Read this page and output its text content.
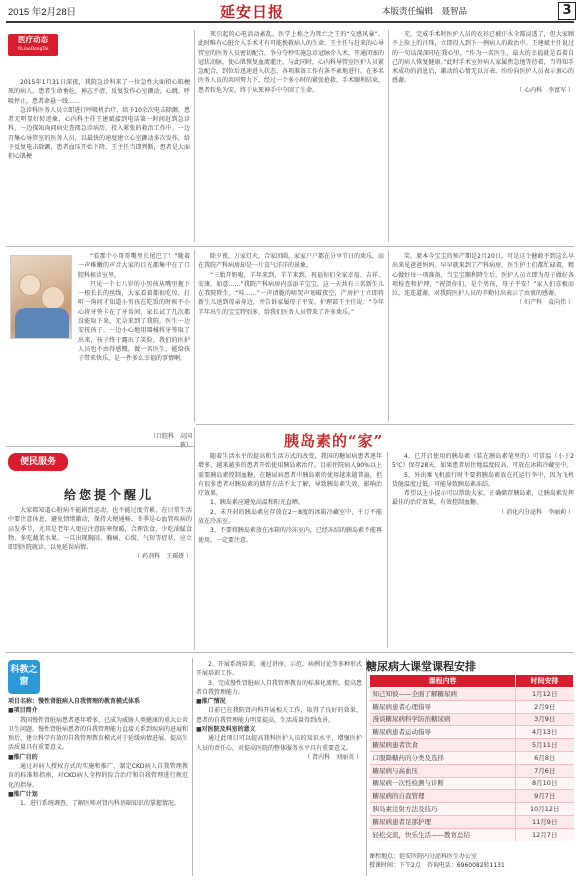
2015 年2月28日	延安日报	本版责任编辑　聂智品	3
医疗动态
YiLiaoDongTai

2015年1月31日深夜，我院急诊科来了一位急性大面积心肌梗死的病人。患者生命垂危，神志不清，反复发作心室颤动，心跳、呼吸停止，患者命悬一线……

急诊科医务人员立即进行呼吸机治疗，给予10余次电击除颤，患者无明显好转迹象，心内科主任王建斌接到电话第一时间赶到急诊科，一边探知询问病史查阅急诊病历，投入紧张的救治工作中。一边召集心导管室的医务人员，以最快的速度建立心室颤动多次发作，给予反复电击除颤，患者血压开始下降，王主任当即判断，患者是大面积心肌梗

死引起的心电活动紊乱，医学上称之为死亡之王的“交感风暴”。此时唯有心脏介入手术才有可能挽救病人的生命，王主任与赶来的心导管室的医务人员密切配合，争分夺秒实施急诊冠脉介入术，开通闭塞的冠状动脉，使心肌恢复血流灌注。与此同时，心内科导管室医护人员紧急配合，到位后迅速进入状态，各项准备工作有条不紊地进行。在多名医务人员的共同努力下，经过一个多小时的紧张抢救，手术顺利结束，患者转危为安，终于从死神手中夺回了生命。

充，完成手术时医护人员的衣衫已被汗水全都浸透了，但大家顾不上脸上的汗珠，立即投入到下一例病人的救治中。王建斌主任说过的一句话深深印在我心里，“作为一名医生，最大的幸福就是看着自己的病人恢复健康。”此时手术室外病人家属焦急地等待着，当得知手术成功的消息后，激动的心情无以言表，纷纷向医护人员表示衷心的感谢。

（ 心内科　李富军 ）

“看那个小哥哥嘴里长尾巴了！”随着一声稚嫩的声音大家的目光都集中在了口腔科候诊室里。

只见一个七八岁的小男孩从嘴里拖下一根长长的丝线，大家看着都很吃惊，打听一询问才知道小男孩在吃饭的时候不小心将牙签卡在了牙齿间，家长试了几次都没能取下来，无奈来到了我院。医生一边安抚孩子，一边小心地用器械将牙签取了出来，孩子终于露出了笑脸，我们的医护人员也不由得感慨，做一名医生，能给孩子带来快乐，是一件多么幸福的事情啊。

（口腔科　高国

除夕夜，万家灯火，合家团圆。家家户户都在分享节日的欢乐，而在我院产科病房却是一片喜气洋洋的景象。

“三胎开奶啦，羊年来到，羊羊来到，祝福你们全家幸福、吉祥、安康、如意……”我院产科病房内喜添羊宝宝，这一天共有三名新生儿在我院降生，“哇……”一声清脆的啼哭声划破夜空，产房护士立即将新生儿送到母亲身边，并告诉家属母子平安。护理部王主任说：“今年羊年出生的宝宝特别多，给我们医务人员带来了许多欢乐。”

笑。原本今宝宝的预产期是2月20日，可是这个健敢不到这么早出来见爸爸妈妈。早早就来到了产科病房，医生护士们都忙碌着，精心做好每一项准备，当宝宝顺利降生后，医护人员立即为母子做好各项检查和护理，“祝贺你们，是个男孩，母子平安！”家人们喜极而泣，连连道谢，对我院医护人员的辛勤付出表示了由衷的感谢。

（ 妇产科　袁向伟 ）

便民服务
给您提个醒儿

大家都知道心脏病不能剧烈运动，也不能过度劳累，在日常生活中要注意休息，避免情绪激动，保持大便通畅。冬季是心血管疾病的高发季节，尤其是老年人更应注意防寒保暖，合理饮食，少吃油腻食物，多吃蔬菜水果。一旦出现胸闷、胸痛、心慌、气短等症状，应立即到医院就诊，以免延误病情。

（ 药剂科　王瑶妍 ）

胰岛素的“家”

随着生活水平的提高和生活方式的改变，我国的糖尿病患者逐年增多，越来越多的患者开始使用胰岛素治疗。目前住院病人90%以上需要胰岛素控制血糖，在糖尿病患者中胰岛素的使用越来越普遍，但有很多患者对胰岛素的储存方法不太了解，导致胰岛素失效，影响治疗效果。

1、胰岛素应避免高温和阳光直晒。

2、未开封的胰岛素应存放在2～8度的冰箱冷藏室中，千万不能放在冷冻室。

3、不要将胰岛素放在冰箱的冷冻室内，已经冻结的胰岛素不能再使用，一定要注意。

4、已开启使用的胰岛素（装在胰岛素笔里的）可常温（小于25℃）保存28天，如果患者居住地温度较高，可放在冰箱冷藏室中。

5、外出乘飞机旅行时不要将胰岛素放在托运行李中，因为飞机货舱温度过低，可能导致胰岛素冻结。

希望以上小提示可以帮助大家，正确储存胰岛素，让胰岛素发挥最佳的治疗效果，有效控制血糖。

（ 消化内分泌科　李丽莉 ）

科教之窗

项目名称：慢性肾脏病人自我管理的教育模式体系

■项目简介

我国慢性肾脏病患者逐年增多，已成为威胁人类健康的重大公共卫生问题。慢性肾脏病患者的自我管理能力直接关系到疾病的进展和预后，建立科学有效的自我管理教育模式对于延缓病情进展、提高生活质量具有重要意义。

■推广目的

通过对病人授权方式的实施和推广，制定CKD病人自我管理教育的标准和指南，对CKD病人全程的综合治疗和自我管理进行规范化的指导。

■推广计划

1、进行系统调查，了解医师对肾内科基础知识的掌握情况。

2、开展系统培训，通过讲座、示范、病例讨论等多种形式开展培训工作。

3、完成慢性肾脏病人自我管理教育的标准化流程，提高患者自我管理能力。

■推广情况

目前已在我院肾内科开展相关工作，取得了良好的效果，患者的自我管理能力明显提高，生活质量得到改善。

■对医院及科室的意义

通过此项目可以提高我科医护人员的知识水平，增强医护人员的责任心，对提高医院的整体服务水平具有重要意义。

（ 肾内科　刘丽英 ）

糖尿病大课堂课程安排
课程内容	时间安排
知己知彼——全面了解糖尿病	1月12日
糖尿病患者心理指导	2月9日
漫谈糖尿病科学防治糖尿病	3月9日
糖尿病患者运动指导	4月13日
糖尿病患者饮食	5月11日
口服降糖药的分类及选择	6月8日
糖尿病与高血压	7月6日
糖尿病一次性检测与诊断	8月10日
糖尿病的自我管理	9月7日
胰岛素注射方法及技巧	10月12日
糖尿病患者足部护理	11月9日
轻松交流，快乐生活——教育总结	12月7日
课程地点：延安医院内分泌科医生办公室
授课时间：下午2点　咨询电话：6960082转1131
